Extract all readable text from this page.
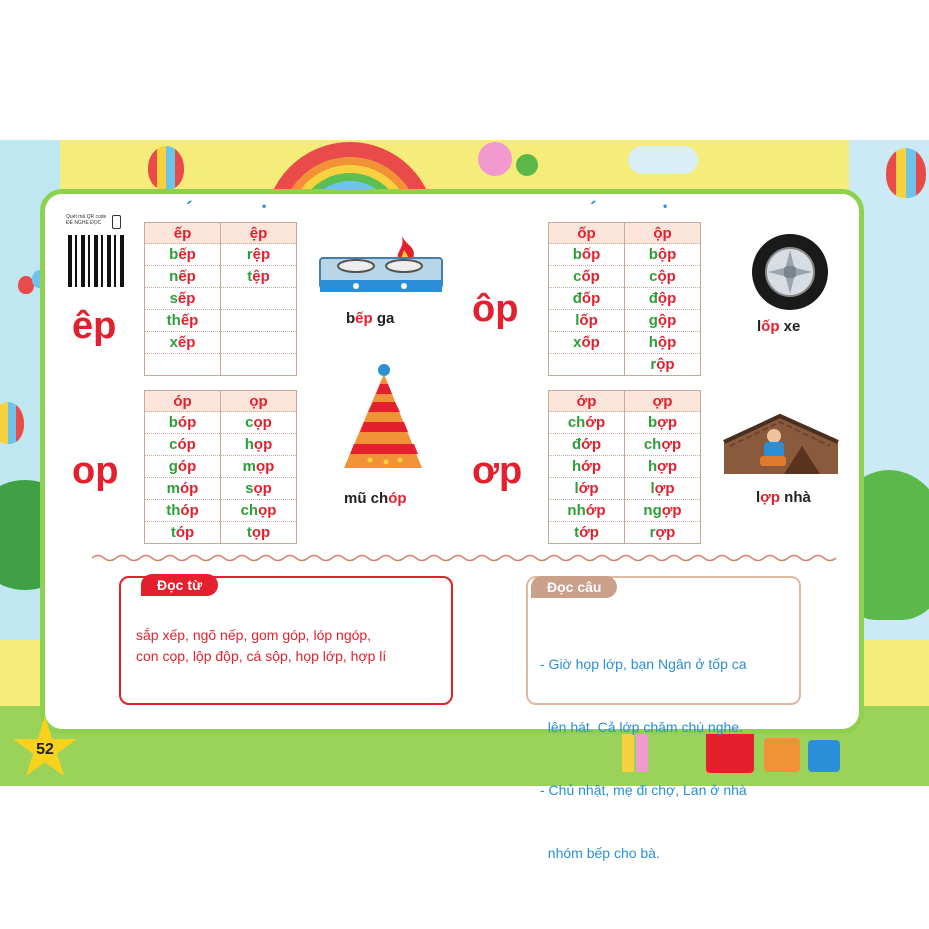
Quét mã QR code
ĐỂ NGHE ĐỌC
êp
´	•
ếp	ệp
bếp	rệp
nếp	tệp
sếp	
thếp	
xếp	

bếp ga ôp
´	•
ốp	ộp
bốp	bộp
cốp	cộp
đốp	độp
lốp	gộp
xốp	hộp
	rộp
lốp xe
op
óp	ọp
bóp	cọp
cóp	họp
góp	mọp
móp	sọp
thóp	chọp
tóp	tọp
mũ chóp
ơp
ớp	ợp
chớp	bợp
đớp	chợp
hớp	hợp
lớp	lợp
nhớp	ngợp
tớp	rợp
lợp nhà
Đọc từ
sắp xếp, ngõ nếp, gom góp, lóp ngóp,
con cọp, lộp độp, cá sộp, họp lớp, hợp lí
Đọc câu

- Giờ họp lớp, bạn Ngân ở tốp ca

lên hát. Cả lớp chăm chú nghe.

- Chủ nhật, mẹ đi chợ, Lan ở nhà

nhóm bếp cho bà.

52
